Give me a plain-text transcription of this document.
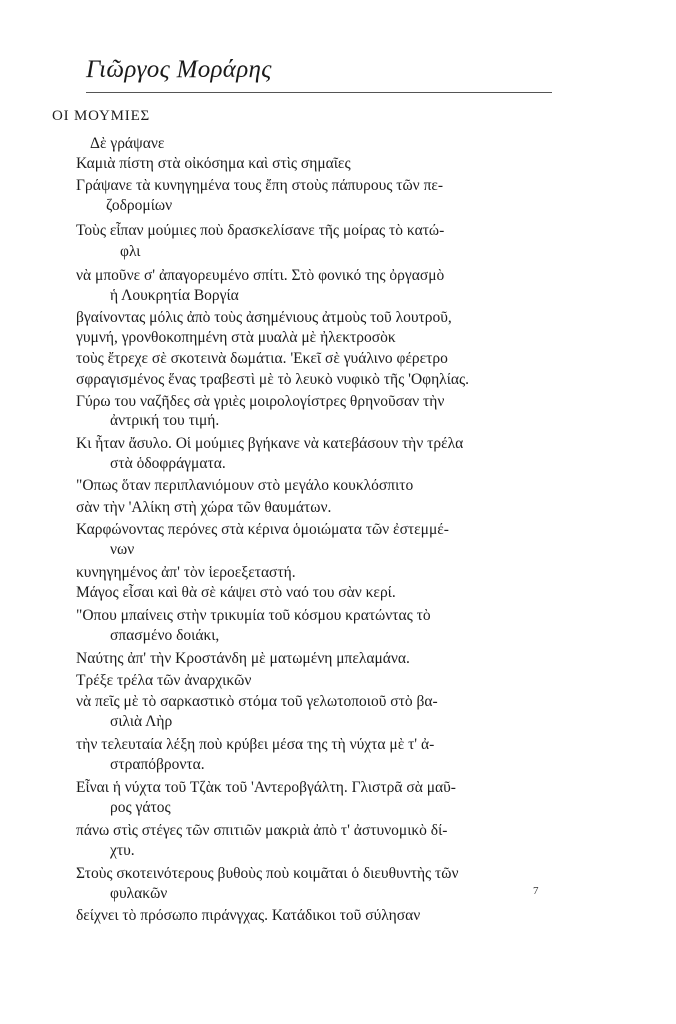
Γιῶργος Μοράρης
ΟΙ ΜΟΥΜΙΕΣ
Δὲ γράψανε
Καμιὰ πίστη στὰ οἰκόσημα καὶ στὶς σημαῖες
Γράψανε τὰ κυνηγημένα τους ἔπη στοὺς πάπυρους τῶν πε-
ζοδρομίων
Τοὺς εἶπαν μούμιες ποὺ δρασκελίσανε τῆς μοίρας τὸ κατώ-
φλι
νὰ μποῦνε σ' ἀπαγορευμένο σπίτι. Στὸ φονικό της ὀργασμὸ
ἡ Λουκρητία Βοργία
βγαίνοντας μόλις ἀπὸ τοὺς ἀσημένιους ἀτμοὺς τοῦ λουτροῦ,
γυμνή, γρονθοκοπημένη στὰ μυαλὰ μὲ ἠλεκτροσὸκ
τοὺς ἔτρεχε σὲ σκοτεινὰ δωμάτια. 'Εκεῖ σὲ γυάλινο φέρετρο
σφραγισμένος ἕνας τραβεστὶ μὲ τὸ λευκὸ νυφικὸ τῆς 'Οφηλίας.
Γύρω του ναζῆδες σὰ γριὲς μοιρολογίστρες θρηνοῦσαν τὴν
ἀντρική του τιμή.
Κι ἦταν ἄσυλο. Οἱ μούμιες βγήκανε νὰ κατεβάσουν τὴν τρέλα
στὰ ὁδοφράγματα.
"Οπως ὅταν περιπλανιόμουν στὸ μεγάλο κουκλόσπιτο
σὰν τὴν 'Αλίκη στὴ χώρα τῶν θαυμάτων.
Καρφώνοντας περόνες στὰ κέρινα ὁμοιώματα τῶν ἐστεμμέ-
νων
κυνηγημένος ἀπ' τὸν ἱεροεξεταστή.
Μάγος εἶσαι καὶ θὰ σὲ κάψει στὸ ναό του σὰν κερί.
"Οπου μπαίνεις στὴν τρικυμία τοῦ κόσμου κρατώντας τὸ
σπασμένο δοιάκι,
Ναύτης ἀπ' τὴν Κροστάνδη μὲ ματωμένη μπελαμάνα.
Τρέξε τρέλα τῶν ἀναρχικῶν
νὰ πεῖς μὲ τὸ σαρκαστικὸ στόμα τοῦ γελωτοποιοῦ στὸ βα-
σιλιὰ Λὴρ
τὴν τελευταία λέξη ποὺ κρύβει μέσα της τὴ νύχτα μὲ τ' ἀ-
στραπόβροντα.
Εἶναι ἡ νύχτα τοῦ Τζὰκ τοῦ 'Αντεροβγάλτη. Γλιστρᾶ σὰ μαῦ-
ρος γάτος
πάνω στὶς στέγες τῶν σπιτιῶν μακριὰ ἀπὸ τ' ἀστυνομικὸ δί-
χτυ.
Στοὺς σκοτεινότερους βυθοὺς ποὺ κοιμᾶται ὁ διευθυντὴς τῶν
φυλακῶν
δείχνει τὸ πρόσωπο πιράνγχας. Κατάδικοι τοῦ σύλησαν
7
